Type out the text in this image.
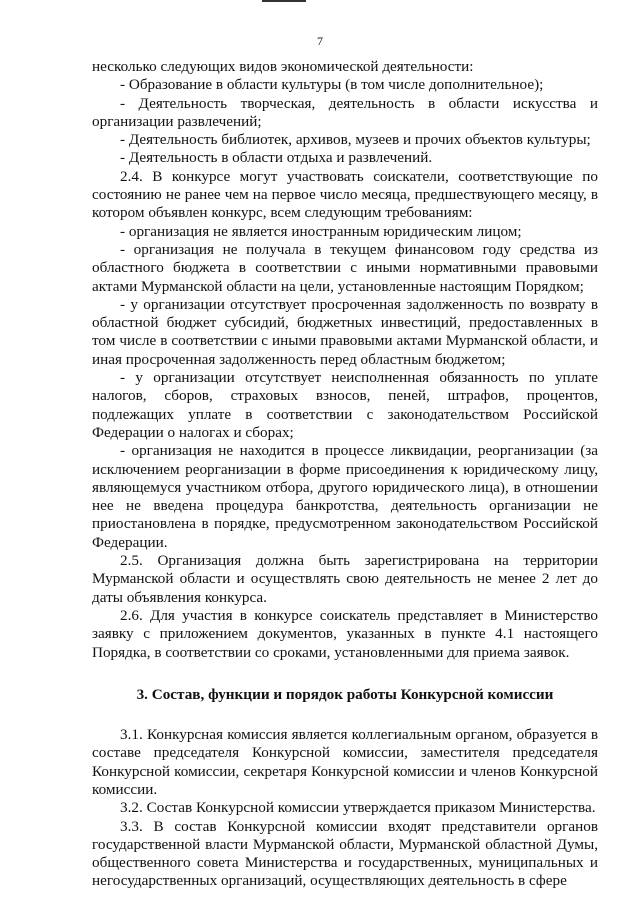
7

несколько следующих видов экономической деятельности:

- Образование в области культуры (в том числе дополнительное);

- Деятельность творческая, деятельность в области искусства и организации развлечений;

- Деятельность библиотек, архивов, музеев и прочих объектов культуры;

- Деятельность в области отдыха и развлечений.

2.4. В конкурсе могут участвовать соискатели, соответствующие по состоянию не ранее чем на первое число месяца, предшествующего месяцу, в котором объявлен конкурс, всем следующим требованиям:

- организация не является иностранным юридическим лицом;

- организация не получала в текущем финансовом году средства из областного бюджета в соответствии с иными нормативными правовыми актами Мурманской области на цели, установленные настоящим Порядком;

- у организации отсутствует просроченная задолженность по возврату в областной бюджет субсидий, бюджетных инвестиций, предоставленных в том числе в соответствии с иными правовыми актами Мурманской области, и иная просроченная задолженность перед областным бюджетом;

- у организации отсутствует неисполненная обязанность по уплате налогов, сборов, страховых взносов, пеней, штрафов, процентов, подлежащих уплате в соответствии с законодательством Российской Федерации о налогах и сборах;

- организация не находится в процессе ликвидации, реорганизации (за исключением реорганизации в форме присоединения к юридическому лицу, являющемуся участником отбора, другого юридического лица), в отношении нее не введена процедура банкротства, деятельность организации не приостановлена в порядке, предусмотренном законодательством Российской Федерации.

2.5. Организация должна быть зарегистрирована на территории Мурманской области и осуществлять свою деятельность не менее 2 лет до даты объявления конкурса.

2.6. Для участия в конкурсе соискатель представляет в Министерство заявку с приложением документов, указанных в пункте 4.1 настоящего Порядка, в соответствии со сроками, установленными для приема заявок.

3. Состав, функции и порядок работы Конкурсной комиссии

3.1. Конкурсная комиссия является коллегиальным органом, образуется в составе председателя Конкурсной комиссии, заместителя председателя Конкурсной комиссии, секретаря Конкурсной комиссии и членов Конкурсной комиссии.

3.2. Состав Конкурсной комиссии утверждается приказом Министерства.

3.3. В состав Конкурсной комиссии входят представители органов государственной власти Мурманской области, Мурманской областной Думы, общественного совета Министерства и государственных, муниципальных и негосударственных организаций, осуществляющих деятельность в сфере
